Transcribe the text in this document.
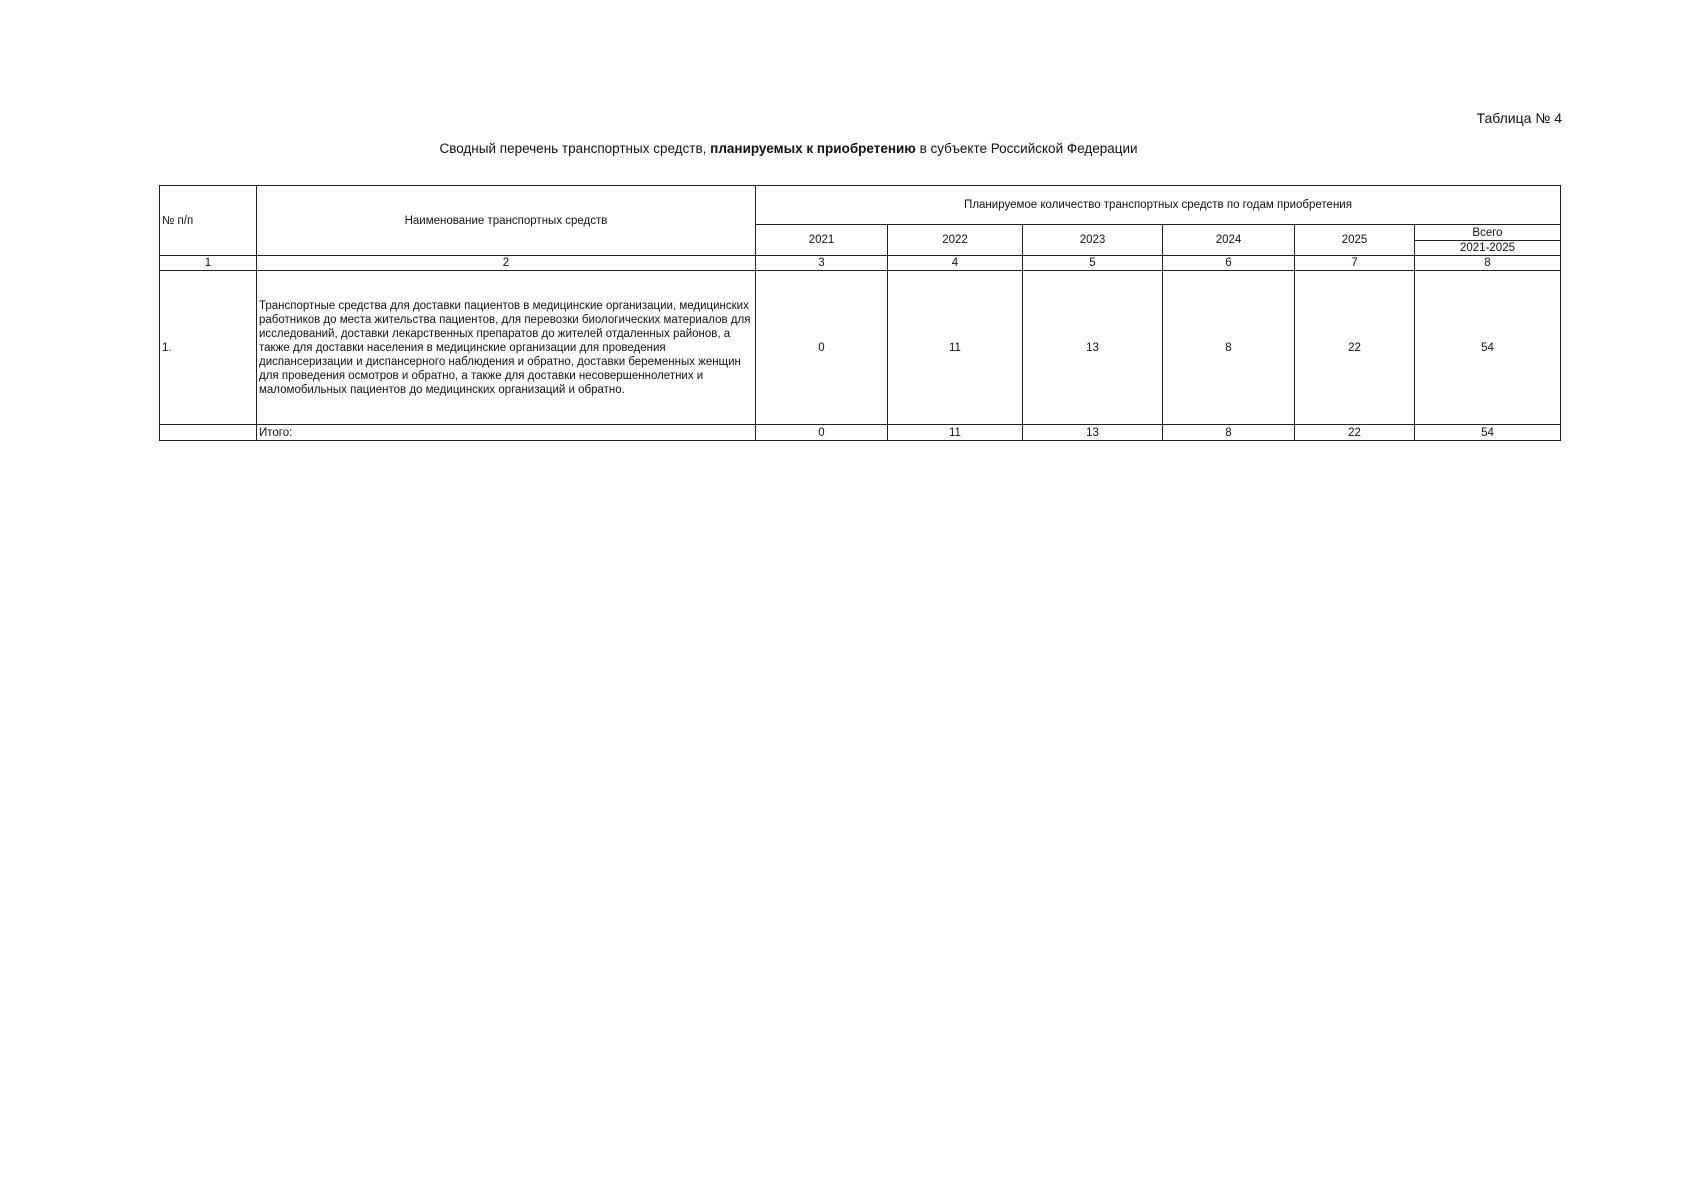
Таблица № 4
Сводный перечень транспортных средств, планируемых к приобретению в субъекте Российской Федерации
№ п/п	Наименование транспортных средств	Планируемое количество транспортных средств по годам приобретения					
		2021	2022	2023	2024	2025	Всего
							2021-2025
1	2	3	4	5	6	7	8
1.	Транспортные средства для доставки пациентов в медицинские организации, медицинских работников до места жительства пациентов, для перевозки биологических материалов для исследований, доставки лекарственных препаратов до жителей отдаленных районов, а также для доставки населения в медицинские организации для проведения диспансеризации и диспансерного наблюдения и обратно, доставки беременных женщин для проведения осмотров и обратно, а также для доставки несовершеннолетних и маломобильных пациентов до медицинских организаций и обратно.	0	11	13	8	22	54
	Итого:	0	11	13	8	22	54
